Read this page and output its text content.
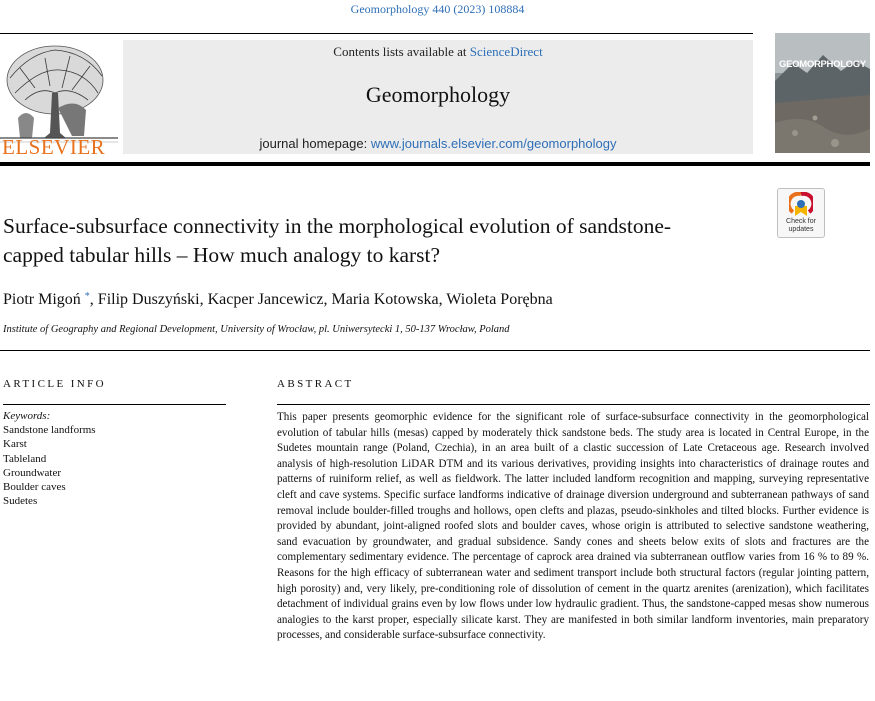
Geomorphology 440 (2023) 108884
ELSEVIER
Contents lists available at ScienceDirect
Geomorphology
journal homepage: www.journals.elsevier.com/geomorphology
GEOMORPHOLOGY
Check for
updates
Surface-subsurface connectivity in the morphological evolution of sandstone-capped tabular hills – How much analogy to karst?
Piotr Migoń *, Filip Duszyński, Kacper Jancewicz, Maria Kotowska, Wioleta Porębna
Institute of Geography and Regional Development, University of Wrocław, pl. Uniwersytecki 1, 50-137 Wrocław, Poland
ARTICLE INFO	ABSTRACT
Keywords:
Sandstone landforms
Karst
Tableland
Groundwater
Boulder caves
Sudetes

This paper presents geomorphic evidence for the significant role of surface-subsurface connectivity in the geomorphological evolution of tabular hills (mesas) capped by moderately thick sandstone beds. The study area is located in Central Europe, in the Sudetes mountain range (Poland, Czechia), in an area built of a clastic succession of Late Cretaceous age. Research involved analysis of high-resolution LiDAR DTM and its various derivatives, providing insights into characteristics of drainage routes and patterns of ruiniform relief, as well as fieldwork. The latter included landform recognition and mapping, surveying representative cleft and cave systems. Specific surface landforms indicative of drainage diversion underground and subterranean pathways of sand removal include boulder-filled troughs and hollows, open clefts and plazas, pseudo-sinkholes and tilted blocks. Further evidence is provided by abundant, joint-aligned roofed slots and boulder caves, whose origin is attributed to selective sandstone weathering, sand evacuation by groundwater, and gradual subsidence. Sandy cones and sheets below exits of slots and fractures are the complementary sedimentary evidence. The percentage of caprock area drained via subterranean outflow varies from 16 % to 89 %. Reasons for the high efficacy of subterranean water and sediment transport include both structural factors (regular jointing pattern, high porosity) and, very likely, pre-conditioning role of dissolution of cement in the quartz arenites (arenization), which facilitates detachment of individual grains even by low flows under low hydraulic gradient. Thus, the sandstone-capped mesas show numerous analogies to the karst proper, especially silicate karst. They are manifested in both similar landform inventories, main preparatory processes, and considerable surface-subsurface connectivity.
